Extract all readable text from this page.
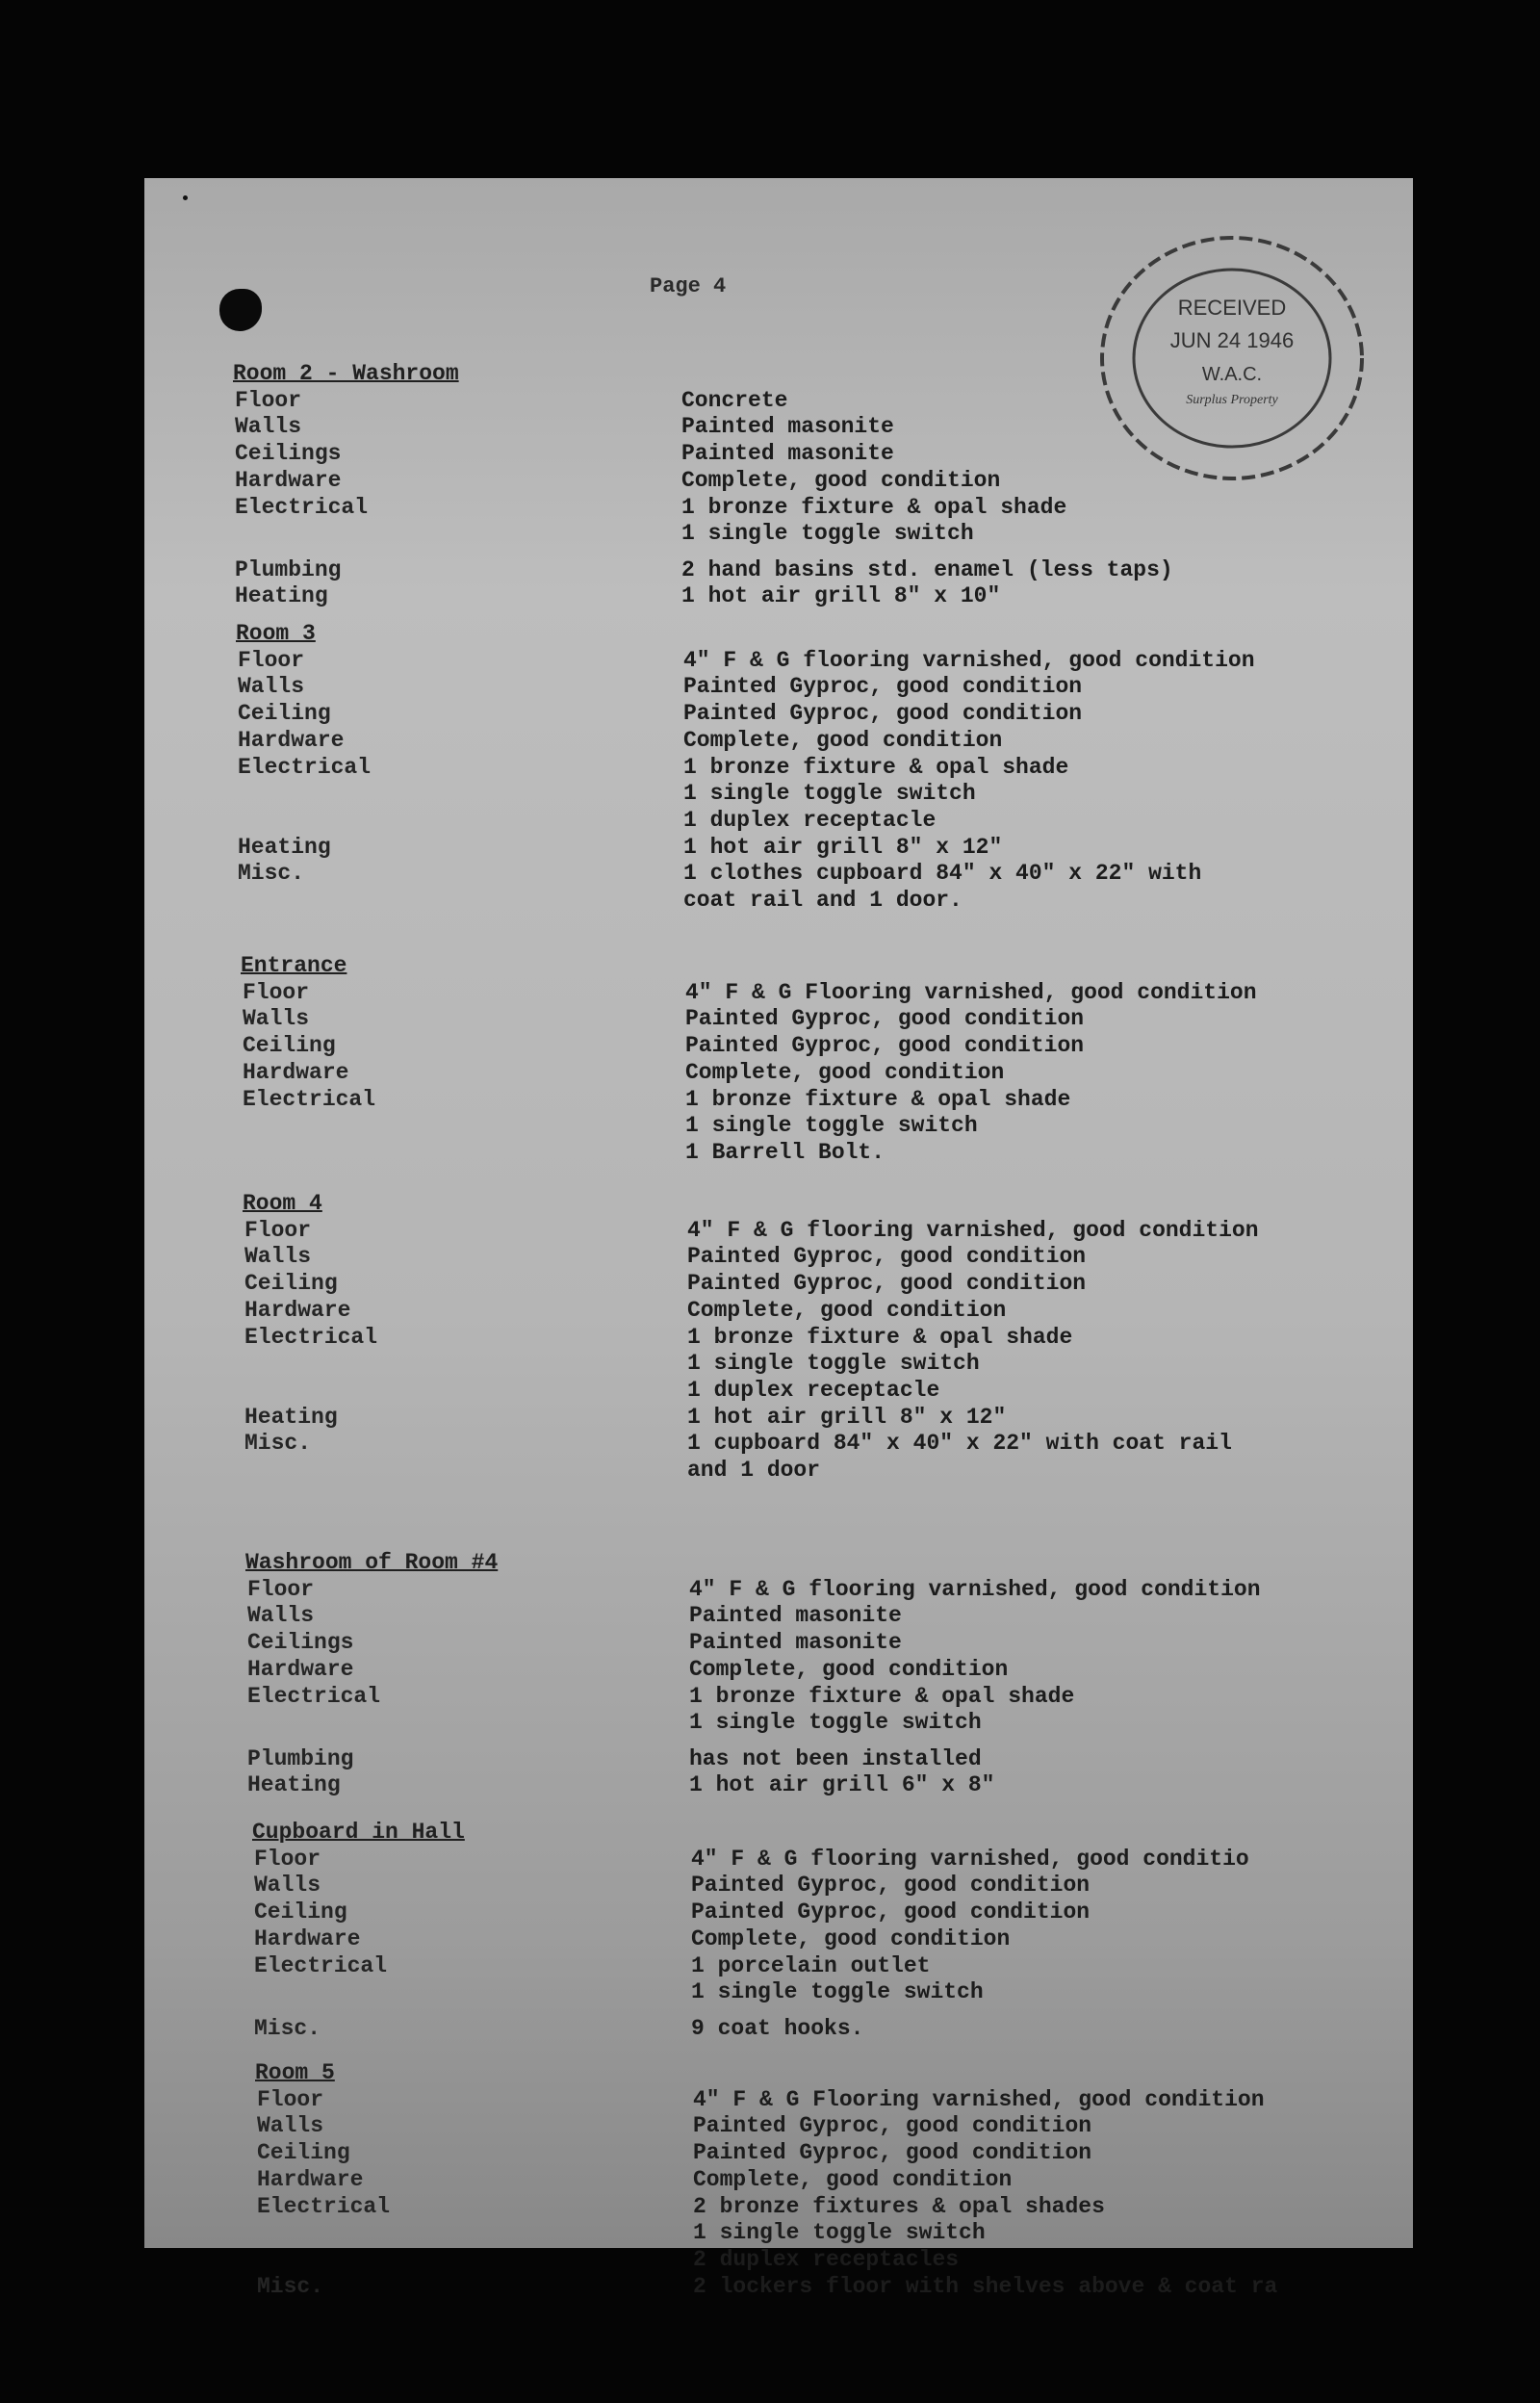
Page 4
RECEIVED
JUN 24 1946
W.A.C.
Surplus Property
Room 2 - Washroom
Floor	Concrete
Walls	Painted masonite
Ceilings	Painted masonite
Hardware	Complete, good condition
Electrical	1 bronze fixture & opal shade
1 single toggle switch
Plumbing	2 hand basins std. enamel (less taps)
Heating	1 hot air grill 8" x 10"
Room 3
Floor	4" F & G flooring varnished, good condition
Walls	Painted Gyproc, good condition
Ceiling	Painted Gyproc, good condition
Hardware	Complete, good condition
Electrical	1 bronze fixture & opal shade
1 single toggle switch
1 duplex receptacle
Heating	1 hot air grill 8" x 12"
Misc.	1 clothes cupboard 84" x 40" x 22" with
coat rail and 1 door.
Entrance
Floor	4" F & G Flooring varnished, good condition
Walls	Painted Gyproc, good condition
Ceiling	Painted Gyproc, good condition
Hardware	Complete, good condition
Electrical	1 bronze fixture & opal shade
1 single toggle switch
1 Barrell Bolt.
Room 4
Floor	4" F & G flooring varnished, good condition
Walls	Painted Gyproc, good condition
Ceiling	Painted Gyproc, good condition
Hardware	Complete, good condition
Electrical	1 bronze fixture & opal shade
1 single toggle switch
1 duplex receptacle
Heating	1 hot air grill 8" x 12"
Misc.	1 cupboard 84" x 40" x 22" with coat rail
and 1 door
Washroom of Room #4
Floor	4" F & G flooring varnished, good condition
Walls	Painted masonite
Ceilings	Painted masonite
Hardware	Complete, good condition
Electrical	1 bronze fixture & opal shade
1 single toggle switch
Plumbing	has not been installed
Heating	1 hot air grill 6" x 8"
Cupboard in Hall
Floor	4" F & G flooring varnished, good conditio
Walls	Painted Gyproc, good condition
Ceiling	Painted Gyproc, good condition
Hardware	Complete, good condition
Electrical	1 porcelain outlet
1 single toggle switch
Misc.	9 coat hooks.
Room 5
Floor	4" F & G Flooring varnished, good condition
Walls	Painted Gyproc, good condition
Ceiling	Painted Gyproc, good condition
Hardware	Complete, good condition
Electrical	2 bronze fixtures & opal shades
1 single toggle switch
2 duplex receptacles
Misc.	2 lockers floor with shelves above & coat ra
